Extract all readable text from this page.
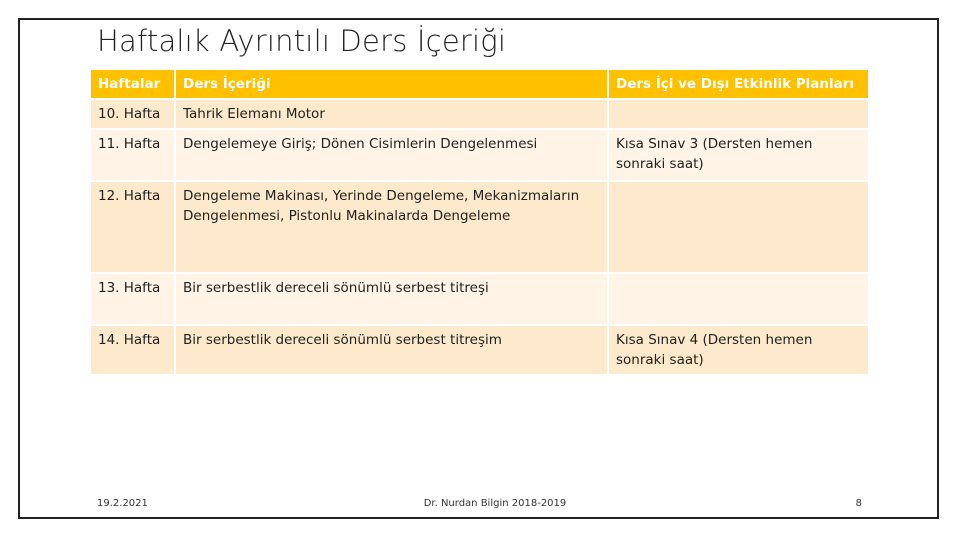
Haftalık Ayrıntılı Ders İçeriği
Haftalar	Ders İçeriği	Ders İçi ve Dışı Etkinlik Planları
10. Hafta	Tahrik Elemanı Motor	
11. Hafta	Dengelemeye Giriş; Dönen Cisimlerin Dengelenmesi	Kısa Sınav 3 (Dersten hemen sonraki saat)
12. Hafta	Dengeleme Makinası, Yerinde Dengeleme, Mekanizmaların Dengelenmesi, Pistonlu Makinalarda Dengeleme	
13. Hafta	Bir serbestlik dereceli sönümlü serbest titreşi	
14. Hafta	Bir serbestlik dereceli sönümlü serbest titreşim	Kısa Sınav 4 (Dersten hemen sonraki saat)
19.2.2021	Dr. Nurdan Bilgin 2018-2019	8
